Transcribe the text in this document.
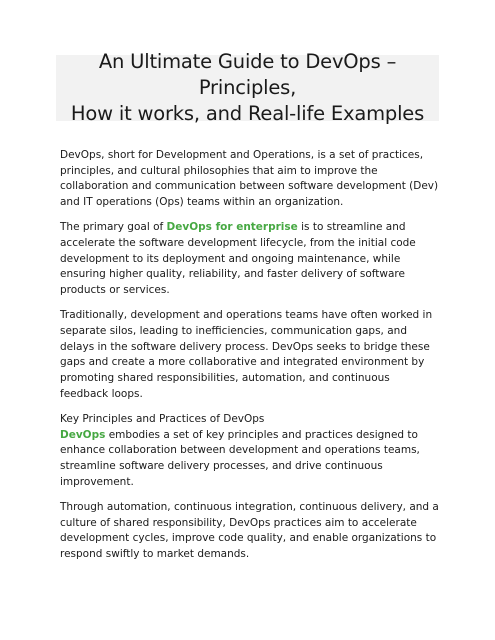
An Ultimate Guide to DevOps – Principles,
How it works, and Real-life Examples

DevOps, short for Development and Operations, is a set of practices, principles, and cultural philosophies that aim to improve the collaboration and communication between software development (Dev) and IT operations (Ops) teams within an organization.

The primary goal of DevOps for enterprise is to streamline and accelerate the software development lifecycle, from the initial code development to its deployment and ongoing maintenance, while ensuring higher quality, reliability, and faster delivery of software products or services.

Traditionally, development and operations teams have often worked in separate silos, leading to inefficiencies, communication gaps, and delays in the software delivery process. DevOps seeks to bridge these gaps and create a more collaborative and integrated environment by promoting shared responsibilities, automation, and continuous feedback loops.

Key Principles and Practices of DevOps

DevOps embodies a set of key principles and practices designed to enhance collaboration between development and operations teams, streamline software delivery processes, and drive continuous improvement.

Through automation, continuous integration, continuous delivery, and a culture of shared responsibility, DevOps practices aim to accelerate development cycles, improve code quality, and enable organizations to respond swiftly to market demands.
